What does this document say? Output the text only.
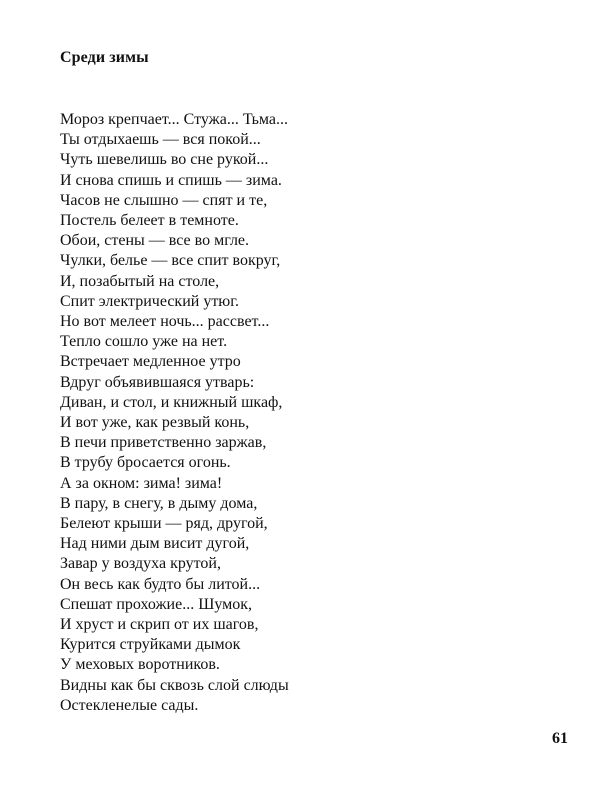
Среди зимы
Мороз крепчает... Стужа... Тьма...
Ты отдыхаешь — вся покой...
Чуть шевелишь во сне рукой...
И снова спишь и спишь — зима.
Часов не слышно — спят и те,
Постель белеет в темноте.
Обои, стены — все во мгле.
Чулки, белье — все спит вокруг,
И, позабытый на столе,
Спит электрический утюг.
Но вот мелеет ночь... рассвет...
Тепло сошло уже на нет.
Встречает медленное утро
Вдруг объявившаяся утварь:
Диван, и стол, и книжный шкаф,
И вот уже, как резвый конь,
В печи приветственно заржав,
В трубу бросается огонь.
А за окном: зима! зима!
В пару, в снегу, в дыму дома,
Белеют крыши — ряд, другой,
Над ними дым висит дугой,
Завар у воздуха крутой,
Он весь как будто бы литой...
Спешат прохожие... Шумок,
И хруст и скрип от их шагов,
Курится струйками дымок
У меховых воротников.
Видны как бы сквозь слой слюды
Остекленелые сады.
61
